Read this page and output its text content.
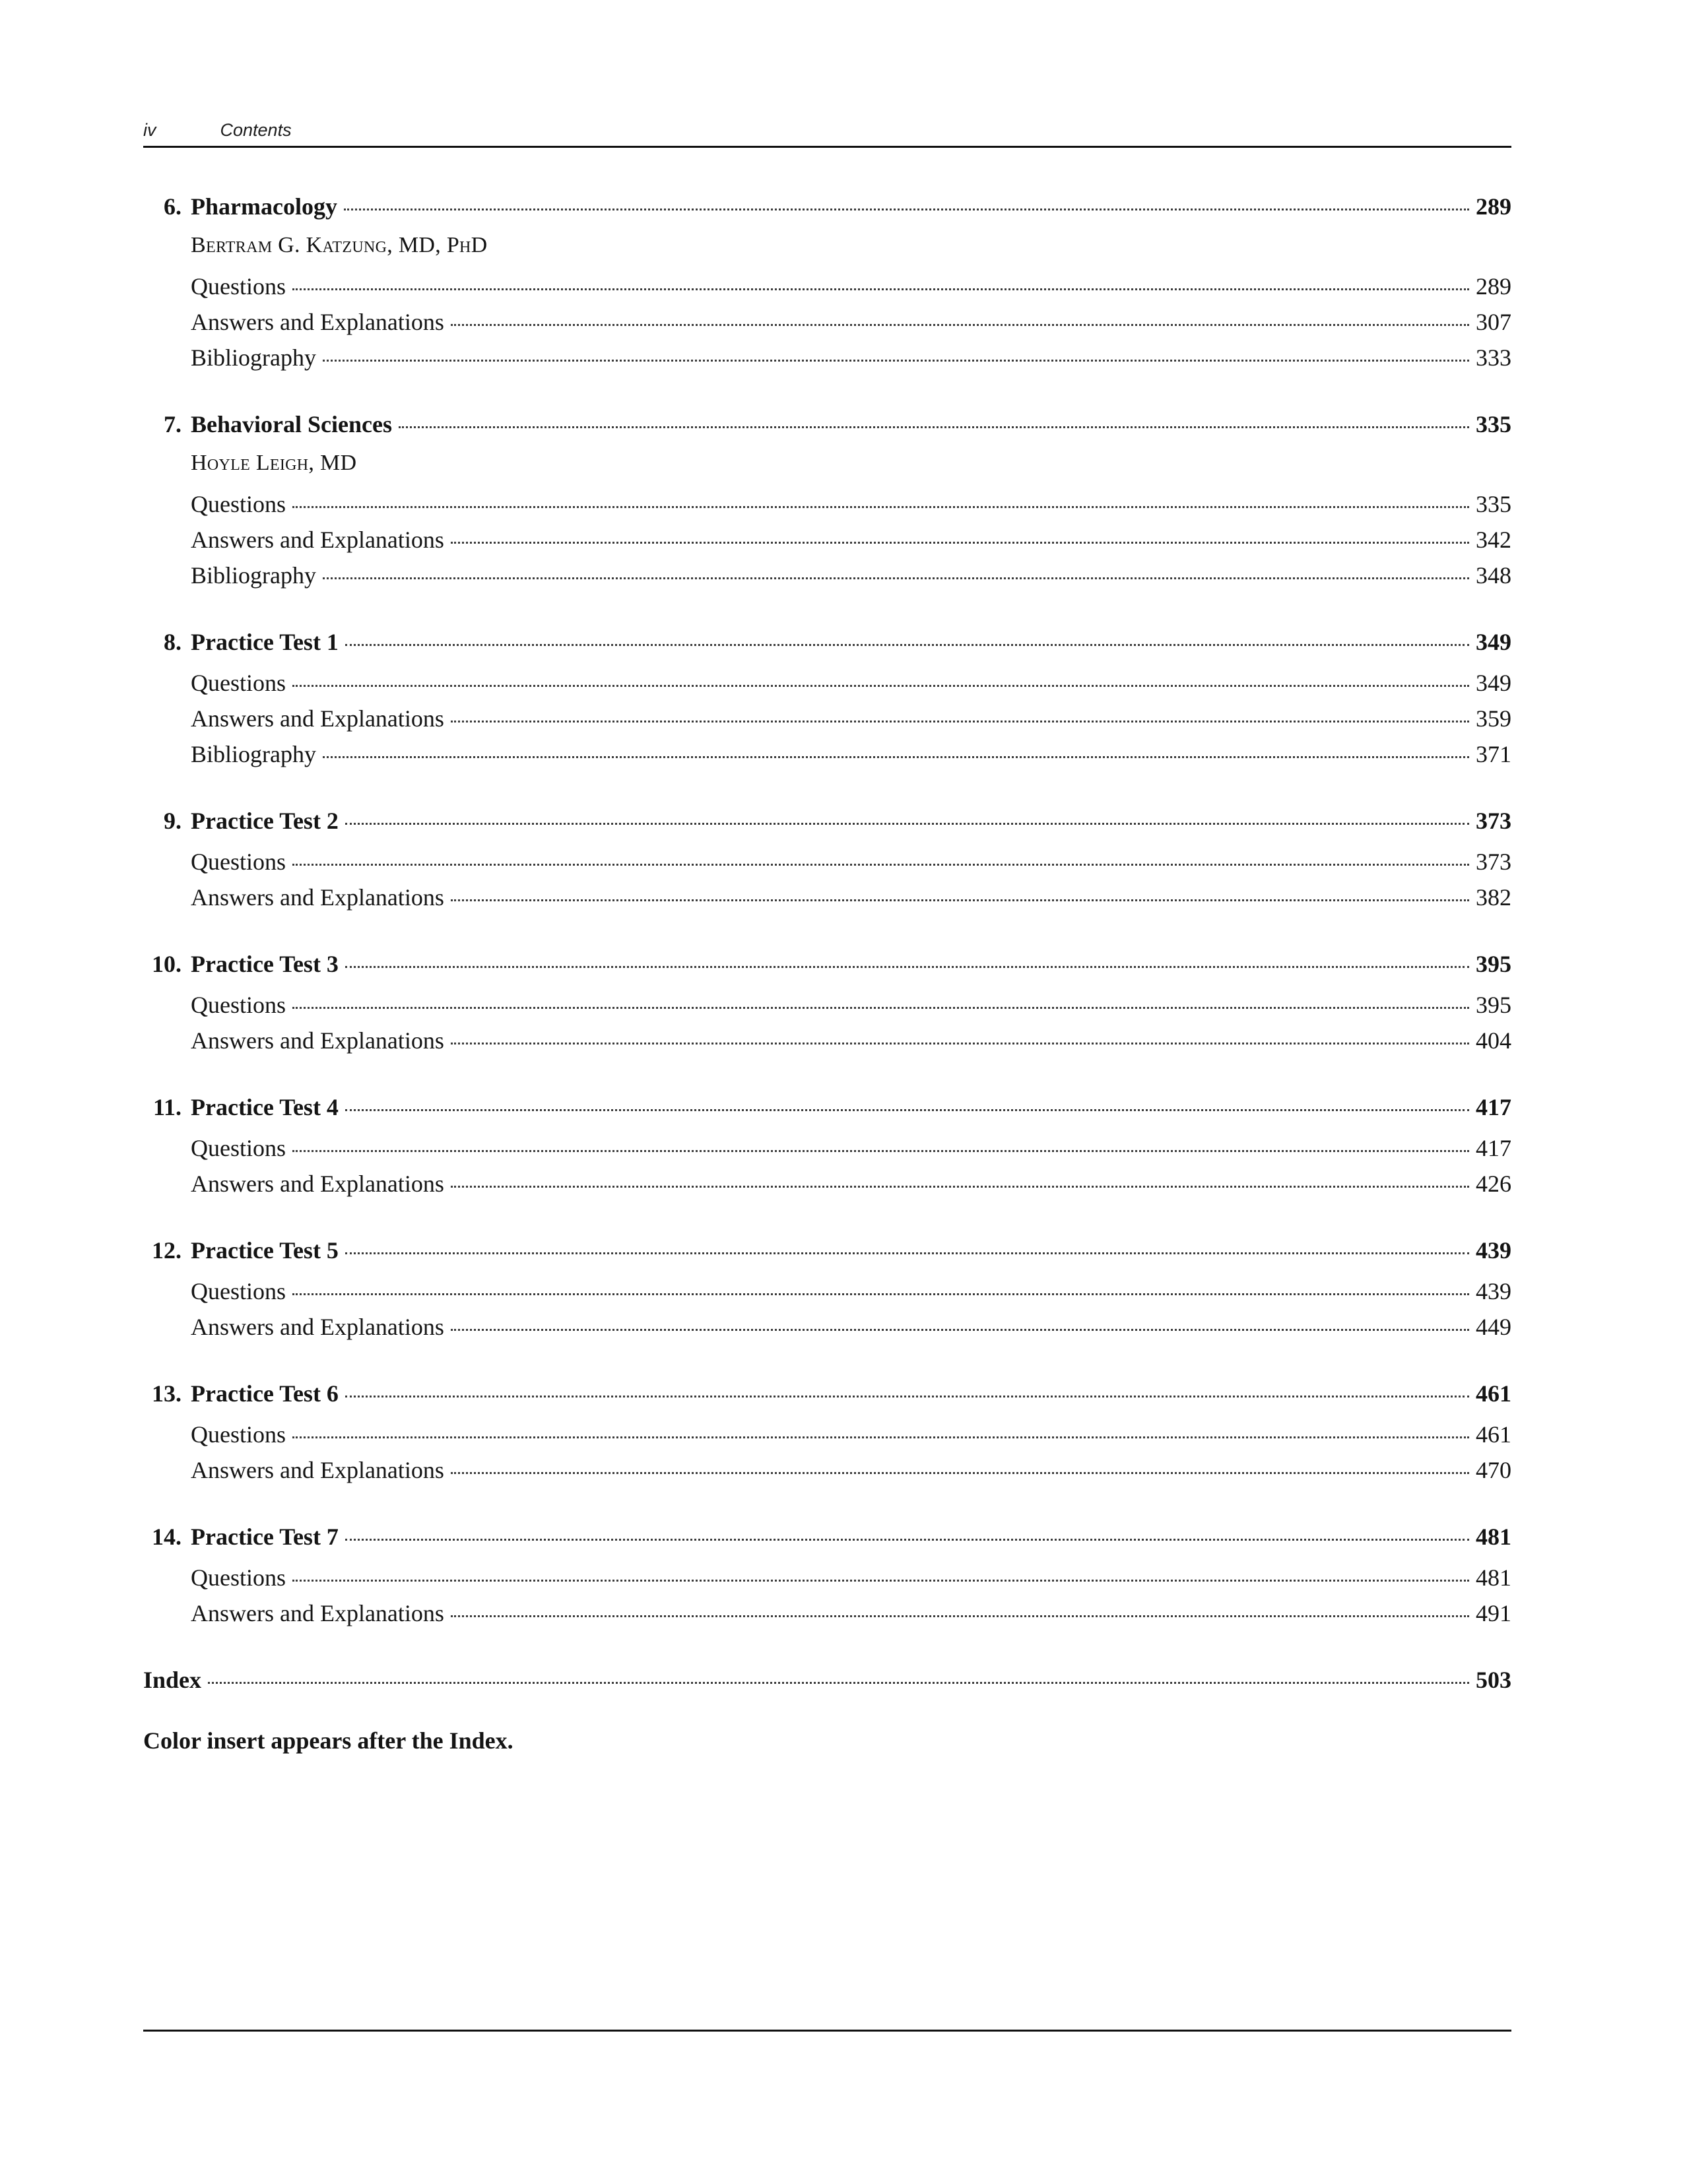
iv	Contents
6. Pharmacology	289
Bertram G. Katzung, MD, PhD
Questions	289
Answers and Explanations	307
Bibliography	333
7. Behavioral Sciences	335
Hoyle Leigh, MD
Questions	335
Answers and Explanations	342
Bibliography	348
8. Practice Test 1	349
Questions	349
Answers and Explanations	359
Bibliography	371
9. Practice Test 2	373
Questions	373
Answers and Explanations	382
10. Practice Test 3	395
Questions	395
Answers and Explanations	404
11. Practice Test 4	417
Questions	417
Answers and Explanations	426
12. Practice Test 5	439
Questions	439
Answers and Explanations	449
13. Practice Test 6	461
Questions	461
Answers and Explanations	470
14. Practice Test 7	481
Questions	481
Answers and Explanations	491
Index	503
Color insert appears after the Index.
